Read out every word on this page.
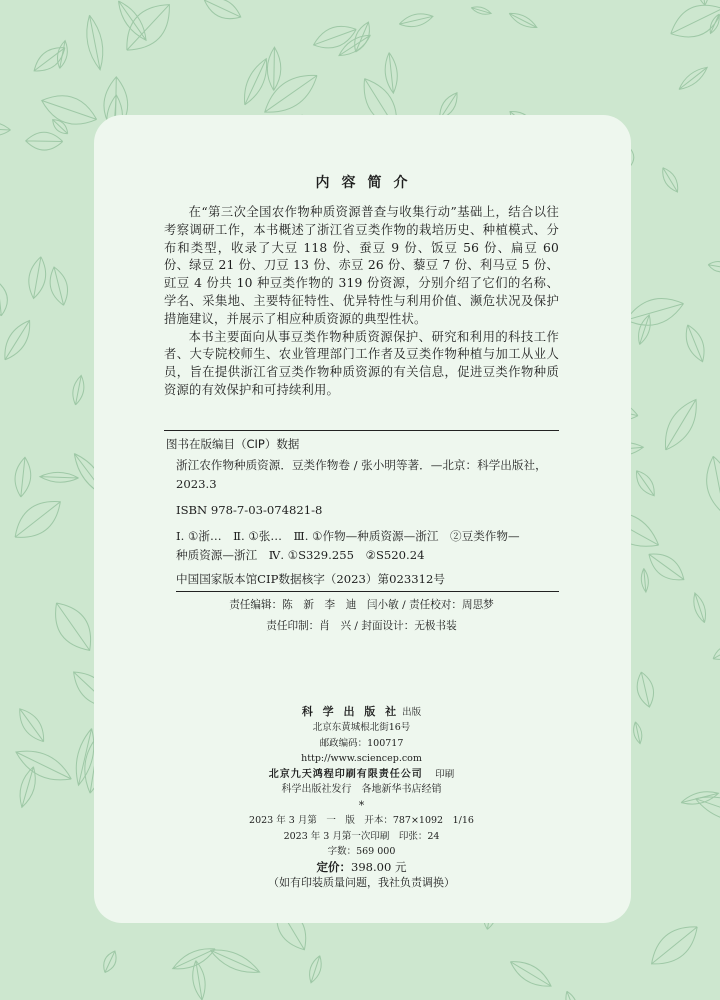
内容简介

在“第三次全国农作物种质资源普查与收集行动”基础上，结合以往考察调研工作，本书概述了浙江省豆类作物的栽培历史、种植模式、分布和类型，收录了大豆 118 份、蚕豆 9 份、饭豆 56 份、扁豆 60 份、绿豆 21 份、刀豆 13 份、赤豆 26 份、藜豆 7 份、利马豆 5 份、豇豆 4 份共 10 种豆类作物的 319 份资源，分别介绍了它们的名称、学名、采集地、主要特征特性、优异特性与利用价值、濒危状况及保护措施建议，并展示了相应种质资源的典型性状。

本书主要面向从事豆类作物种质资源保护、研究和利用的科技工作者、大专院校师生、农业管理部门工作者及豆类作物种植与加工从业人员，旨在提供浙江省豆类作物种质资源的有关信息，促进豆类作物种质资源的有效保护和可持续利用。

图书在版编目（CIP）数据
浙江农作物种质资源．豆类作物卷 / 张小明等著．—北京：科学出版社，
2023.3
ISBN 978-7-03-074821-8
Ⅰ. ①浙…　Ⅱ. ①张…　Ⅲ. ①作物—种质资源—浙江　②豆类作物—
种质资源—浙江　Ⅳ. ①S329.255　②S520.24
中国国家版本馆CIP数据核字（2023）第023312号
责任编辑：陈　新　李　迪　闫小敏 / 责任校对：周思梦
责任印制：肖　兴 / 封面设计：无极书装
科 学 出 版 社 出版
北京东黄城根北街16号
邮政编码：100717
http://www.sciencep.com
北京九天鸿程印刷有限责任公司　 印刷
科学出版社发行　各地新华书店经销
*
2023 年 3 月第　一　版　开本：787×1092　1/16
2023 年 3 月第一次印刷　印张：24
字数：569 000
定价：398.00 元
（如有印装质量问题，我社负责调换）
